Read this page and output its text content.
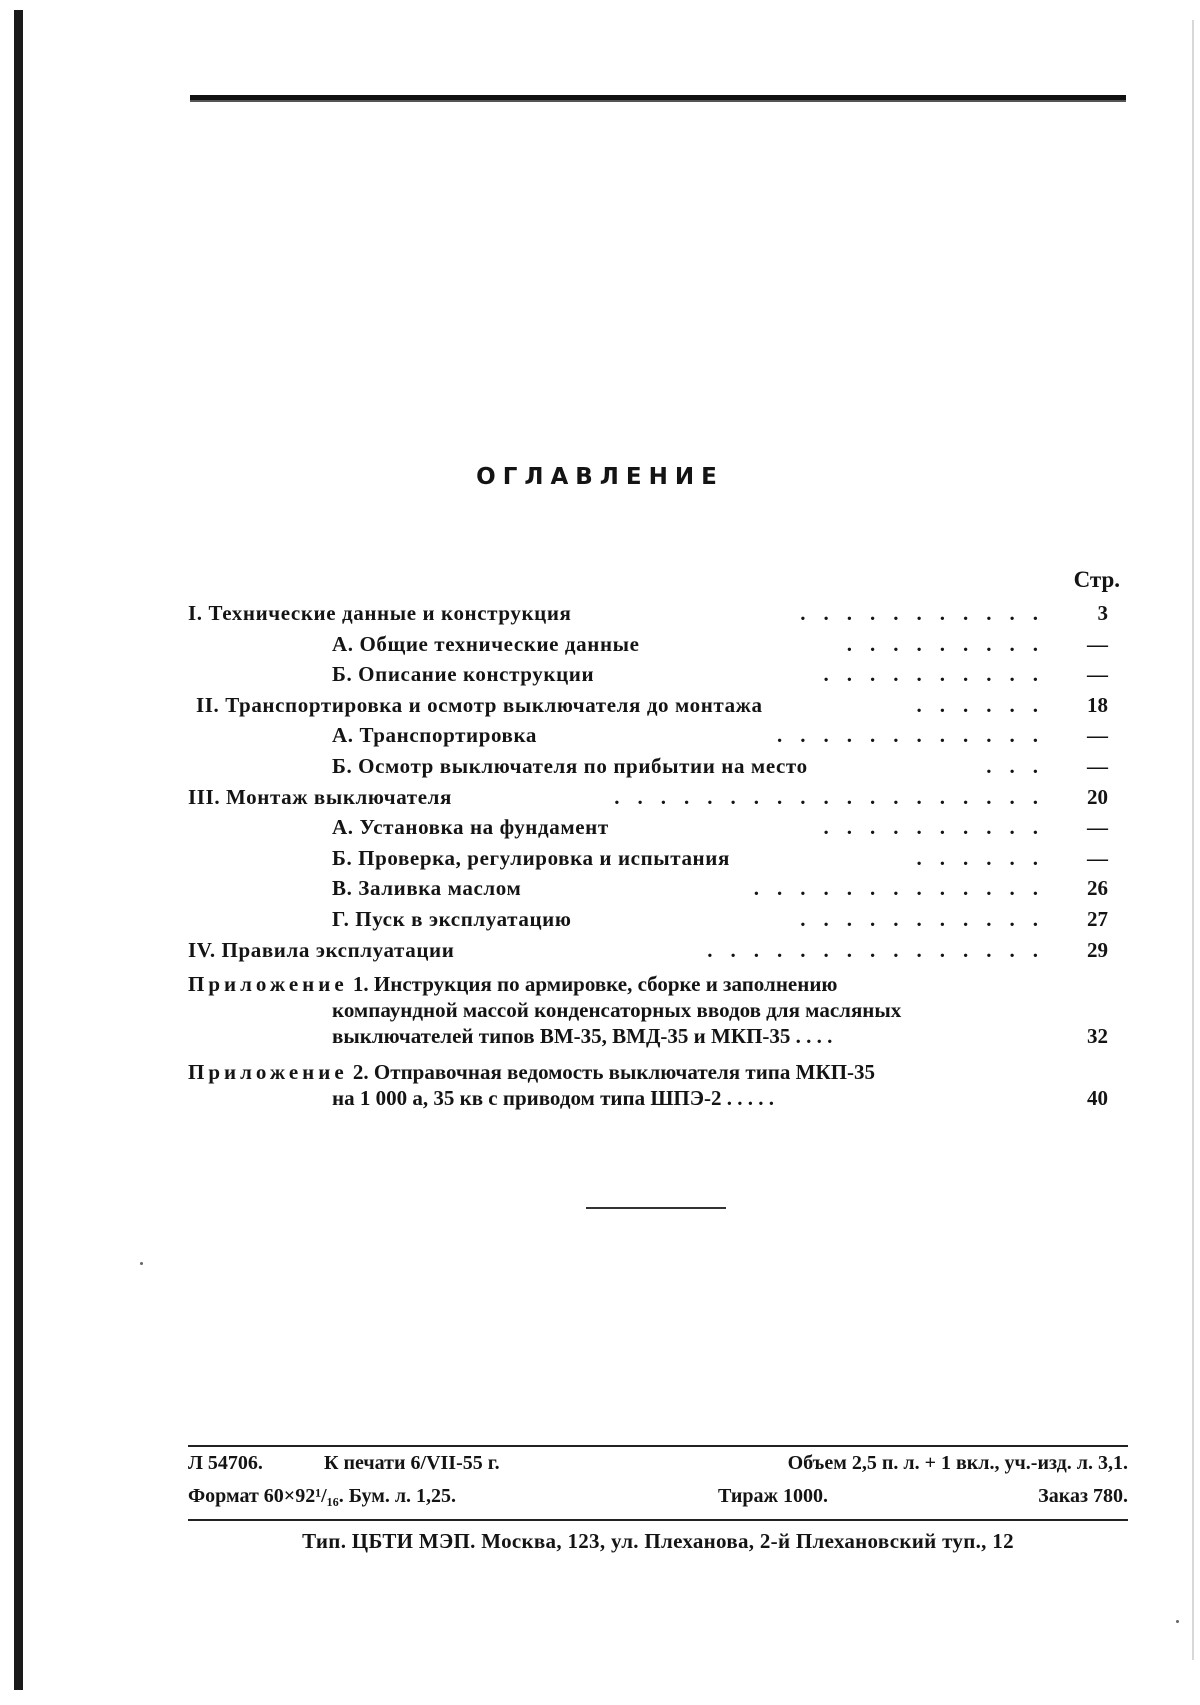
ОГЛАВЛЕНИЕ
Стр.
I. Технические данные и конструкция	...........	3
А. Общие технические данные	.........	—
Б. Описание конструкции	..........	—
II. Транспортировка и осмотр выключателя до монтажа	......	18
А. Транспортировка	............	—
Б. Осмотр выключателя по прибытии на место	...	—
III. Монтаж выключателя	...................	20
А. Установка на фундамент	..........	—
Б. Проверка, регулировка и испытания	......	—
В. Заливка маслом	.............	26
Г. Пуск в эксплуатацию	...........	27
IV. Правила эксплуатации	...............	29
Приложение 1. Инструкция по армировке, сборке и заполнению
компаундной массой конденсаторных вводов для масляных
выключателей типов ВМ-35, ВМД-35 и МКП-35 . . . .	32
Приложение 2. Отправочная ведомость выключателя типа МКП-35
на 1 000 а, 35 кв с приводом типа ШПЭ-2 . . . . .	40
Л 54706.	К печати 6/VII-55 г.	Объем 2,5 п. л. + 1 вкл., уч.-изд. л. 3,1.
Формат 60×92¹/₁₆. Бум. л. 1,25.	Тираж 1000.	Заказ 780.
Тип. ЦБТИ МЭП. Москва, 123, ул. Плеханова, 2-й Плехановский туп., 12
